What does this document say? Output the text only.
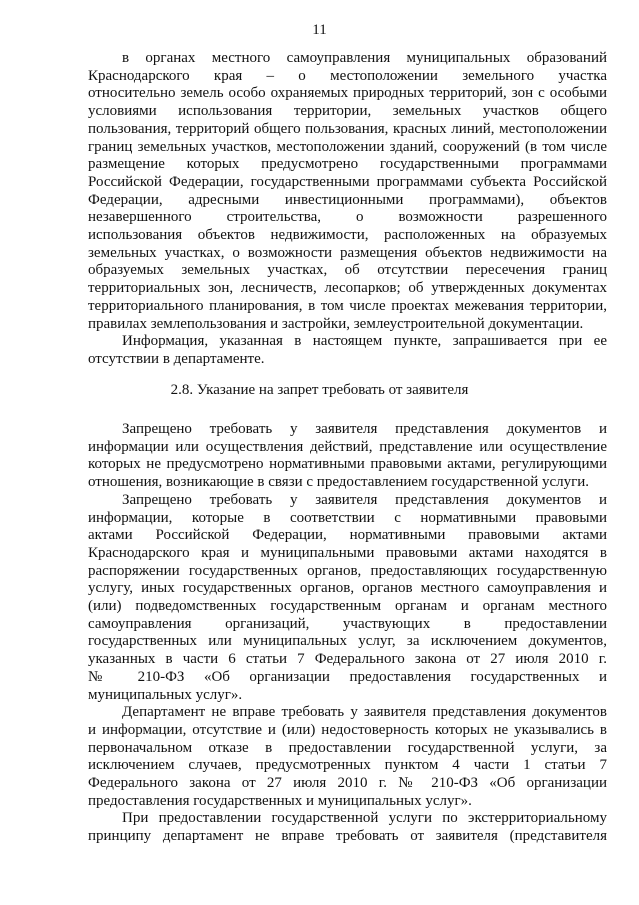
11

в органах местного самоуправления муниципальных образований
Краснодарского края – о местоположении земельного участка
относительно земель особо охраняемых природных территорий, зон с особыми
условиями использования территории, земельных участков общего
пользования, территорий общего пользования, красных линий, местоположении
границ земельных участков, местоположении зданий, сооружений (в том числе
размещение которых предусмотрено государственными программами
Российской Федерации, государственными программами субъекта Российской
Федерации, адресными инвестиционными программами), объектов
незавершенного строительства, о возможности разрешенного
использования объектов недвижимости, расположенных на образуемых
земельных участках, о возможности размещения объектов недвижимости на
образуемых земельных участках, об отсутствии пересечения границ
территориальных зон, лесничеств, лесопарков; об утвержденных документах
территориального планирования, в том числе проектах межевания территории,
правилах землепользования и застройки, землеустроительной документации.

Информация, указанная в настоящем пункте, запрашивается при ее
отсутствии в департаменте.

2.8. Указание на запрет требовать от заявителя

Запрещено требовать у заявителя представления документов и
информации или осуществления действий, представление или осуществление
которых не предусмотрено нормативными правовыми актами, регулирующими
отношения, возникающие в связи с предоставлением государственной услуги.

Запрещено требовать у заявителя представления документов и
информации, которые в соответствии с нормативными правовыми
актами Российской Федерации, нормативными правовыми актами
Краснодарского края и муниципальными правовыми актами находятся в
распоряжении государственных органов, предоставляющих государственную
услугу, иных государственных органов, органов местного самоуправления и
(или) подведомственных государственным органам и органам местного
самоуправления организаций, участвующих в предоставлении
государственных или муниципальных услуг, за исключением документов,
указанных в части 6 статьи 7 Федерального закона от 27 июля 2010 г.
№ 210-ФЗ «Об организации предоставления государственных и
муниципальных услуг».

Департамент не вправе требовать у заявителя представления документов
и информации, отсутствие и (или) недостоверность которых не указывались в
первоначальном отказе в предоставлении государственной услуги, за
исключением случаев, предусмотренных пунктом 4 части 1 статьи 7
Федерального закона от 27 июля 2010 г. № 210-ФЗ «Об организации
предоставления государственных и муниципальных услуг».

При предоставлении государственной услуги по экстерриториальному
принципу департамент не вправе требовать от заявителя (представителя
